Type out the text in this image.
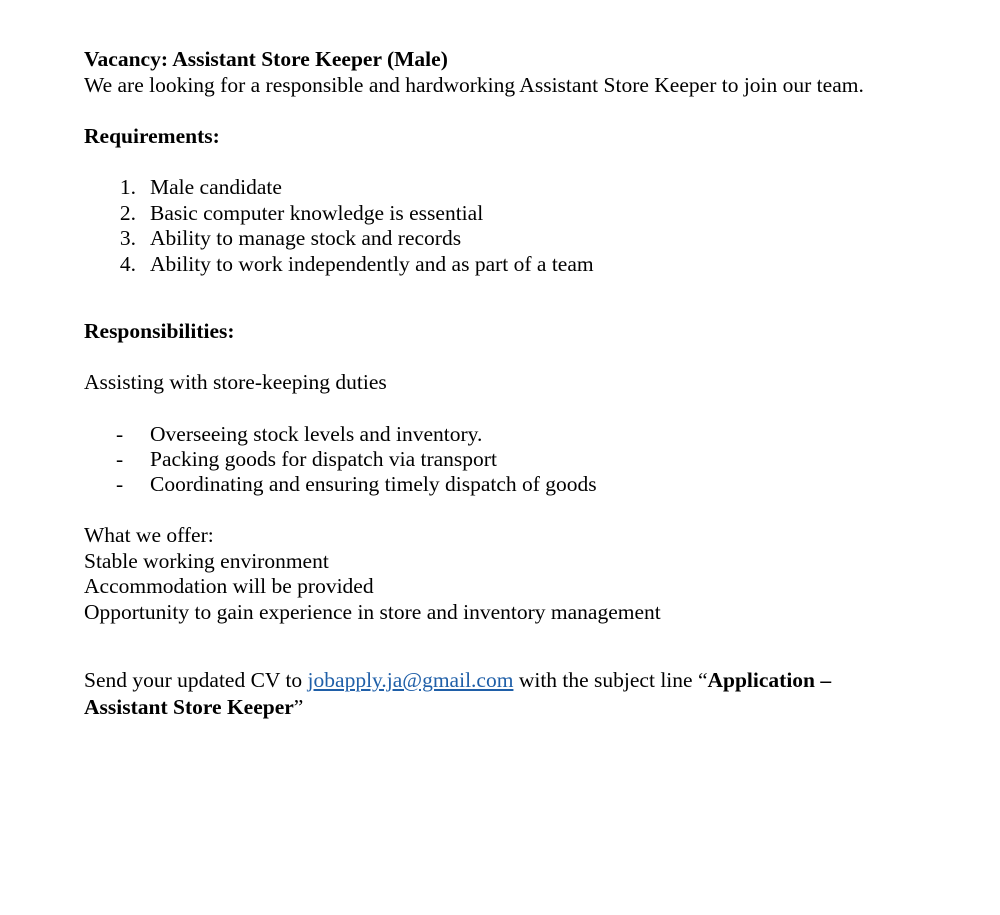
Vacancy: Assistant Store Keeper (Male)
We are looking for a responsible and hardworking Assistant Store Keeper to join our team.
Requirements:
1. Male candidate
2. Basic computer knowledge is essential
3. Ability to manage stock and records
4. Ability to work independently and as part of a team
Responsibilities:
Assisting with store-keeping duties
- Overseeing stock levels and inventory.
- Packing goods for dispatch via transport
- Coordinating and ensuring timely dispatch of goods
What we offer:
Stable working environment
Accommodation will be provided
Opportunity to gain experience in store and inventory management
Send your updated CV to jobapply.ja@gmail.com with the subject line “Application –
Assistant Store Keeper”
